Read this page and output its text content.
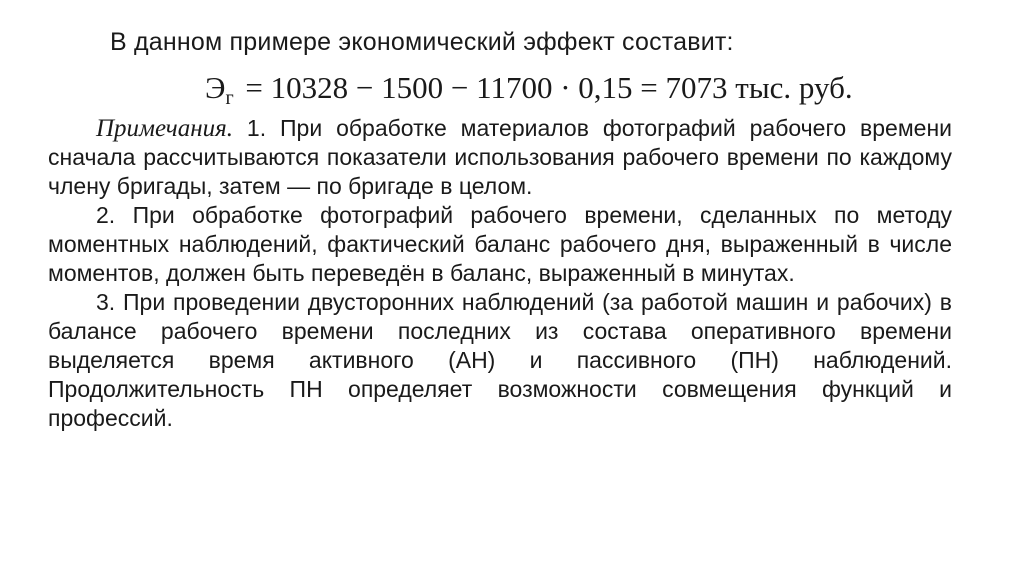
В данном примере экономический эффект составит:
Эг = 10328 − 1500 − 11700 · 0,15 = 7073 тыс. руб.

Примечания. 1. При обработке материалов фотографий рабочего времени сначала рассчитываются показатели использования рабочего времени по каждому члену бригады, затем — по бригаде в целом.

2. При обработке фотографий рабочего времени, сделанных по методу моментных наблюдений, фактический баланс рабочего дня, выраженный в числе моментов, должен быть переведён в баланс, выраженный в минутах.

3. При проведении двусторонних наблюдений (за работой машин и рабочих) в балансе рабочего времени последних из состава оперативного времени выделяется время активного (АН) и пассивного (ПН) наблюдений. Продолжительность ПН определяет возможности совмещения функций и профессий.
